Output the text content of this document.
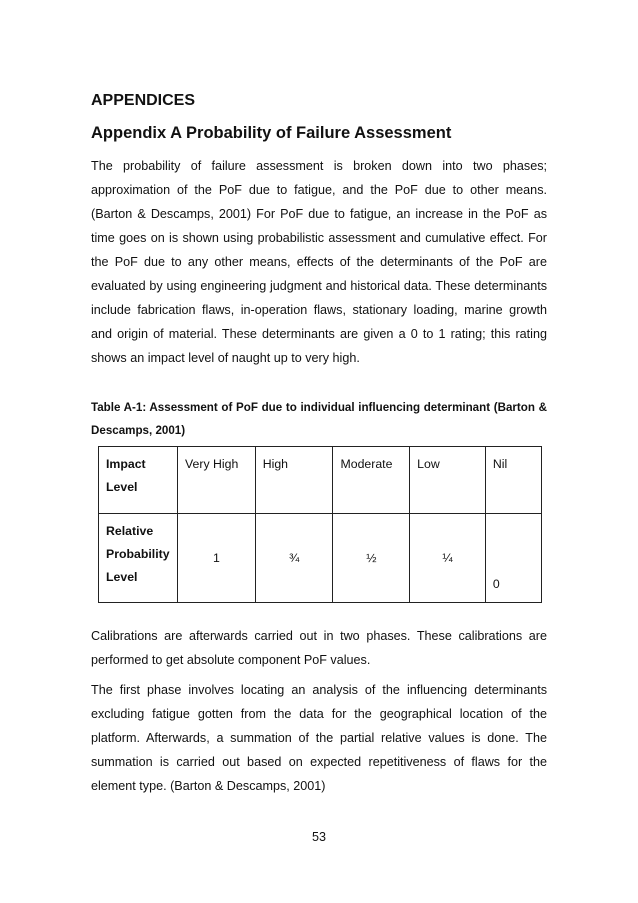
APPENDICES
Appendix A Probability of Failure Assessment

The probability of failure assessment is broken down into two phases; approximation of the PoF due to fatigue, and the PoF due to other means. (Barton & Descamps, 2001) For PoF due to fatigue, an increase in the PoF as time goes on is shown using probabilistic assessment and cumulative effect. For the PoF due to any other means, effects of the determinants of the PoF are evaluated by using engineering judgment and historical data. These determinants include fabrication flaws, in-operation flaws, stationary loading, marine growth and origin of material. These determinants are given a 0 to 1 rating; this rating shows an impact level of naught up to very high.

Table A-1: Assessment of PoF due to individual influencing determinant (Barton & Descamps, 2001)

Impact Level	Very High	High	Moderate	Low	Nil
Relative Probability Level	1	¾	½	¼	0

Calibrations are afterwards carried out in two phases. These calibrations are performed to get absolute component PoF values.

The first phase involves locating an analysis of the influencing determinants excluding fatigue gotten from the data for the geographical location of the platform. Afterwards, a summation of the partial relative values is done. The summation is carried out based on expected repetitiveness of flaws for the element type. (Barton & Descamps, 2001)

53
